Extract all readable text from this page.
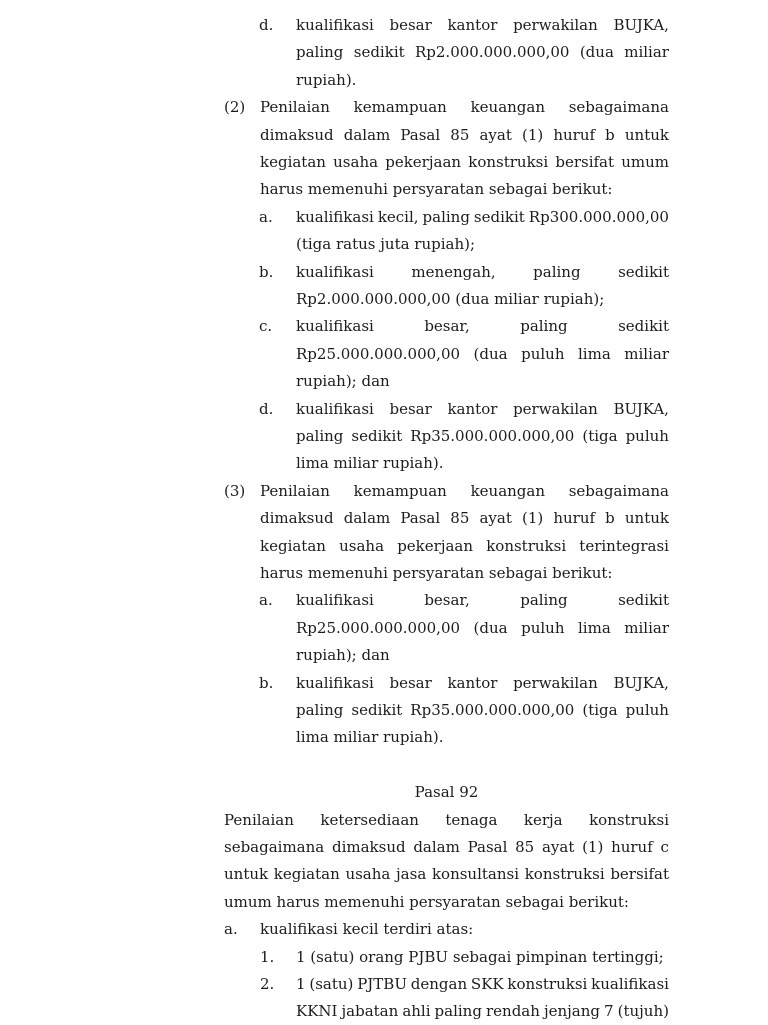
d. kualifikasi besar kantor perwakilan BUJKA,
paling sedikit Rp2.000.000.000,00 (dua miliar
rupiah).
(2) Penilaian kemampuan keuangan sebagaimana
dimaksud dalam Pasal 85 ayat (1) huruf b untuk
kegiatan usaha pekerjaan konstruksi bersifat umum
harus memenuhi persyaratan sebagai berikut:
a. kualifikasi kecil, paling sedikit Rp300.000.000,00
(tiga ratus juta rupiah);
b. kualifikasi	menengah,	paling	sedikit
Rp2.000.000.000,00 (dua miliar rupiah);
c. kualifikasi	besar,	paling	sedikit
Rp25.000.000.000,00 (dua puluh lima miliar
rupiah); dan
d. kualifikasi besar kantor perwakilan BUJKA,
paling sedikit Rp35.000.000.000,00 (tiga puluh
lima miliar rupiah).
(3) Penilaian kemampuan keuangan sebagaimana
dimaksud dalam Pasal 85 ayat (1) huruf b untuk
kegiatan usaha pekerjaan konstruksi terintegrasi
harus memenuhi persyaratan sebagai berikut:
a. kualifikasi	besar,	paling	sedikit
Rp25.000.000.000,00 (dua puluh lima miliar
rupiah); dan
b. kualifikasi besar kantor perwakilan BUJKA,
paling sedikit Rp35.000.000.000,00 (tiga puluh
lima miliar rupiah).
Pasal 92
Penilaian ketersediaan tenaga kerja konstruksi
sebagaimana dimaksud dalam Pasal 85 ayat (1) huruf c
untuk kegiatan usaha jasa konsultansi konstruksi bersifat
umum harus memenuhi persyaratan sebagai berikut:
a. kualifikasi kecil terdiri atas:
1. 1 (satu) orang PJBU sebagai pimpinan tertinggi;
2. 1 (satu) PJTBU dengan SKK konstruksi kualifikasi
KKNI jabatan ahli paling rendah jenjang 7 (tujuh)
